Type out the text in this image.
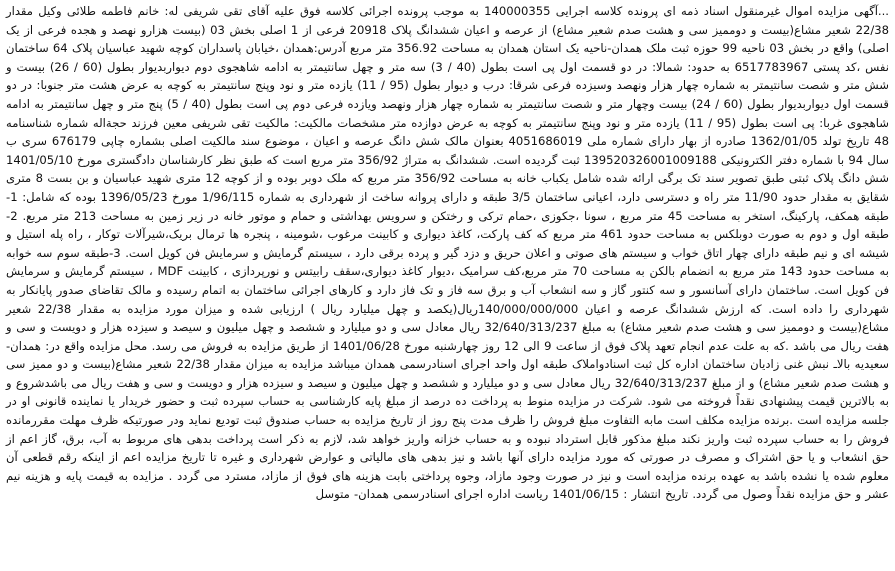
...آگهی مزایده اموال غیرمنقول اسناد ذمه ای پرونده کلاسه اجرایی 140000355 به موجب پرونده اجرائی کلاسه فوق علیه آقای تقی شریفی له: خانم فاطمه طلائی وکیل مقدار 22/38 شعیر مشاع(بیست و دوممیز سی و هشت صدم شعیر مشاع) از عرصه و اعیان ششدانگ پلاک 20918 فرعی از 1 اصلی بخش 03 (بیست هزارو نهصد و هجده فرعی از یک اصلی) واقع در بخش 03 ناحیه 99 حوزه ثبت ملک همدان-ناحیه یک استان همدان به مساحت 356.92 متر مربع آدرس:همدان ،خیابان پاسداران کوچه شهید عباسیان پلاک 64 ساختمان نفس ،کد پستی 6517783967 به حدود: شمالا: در دو قسمت اول پی است بطول (40 / 3) سه متر و چهل سانتیمتر به ادامه شاهجوی دوم دیواربدیوار بطول (60 / 26) بیست و شش متر و شصت سانتیمتر به شماره چهار هزار ونهصد وسیزده فرعی شرقا: درب و دیوار بطول (95 / 11) یازده متر و نود وپنج سانتیمتر به کوچه به عرض هشت متر جنوبا: در دو قسمت اول دیواربدیوار بطول (60 / 24) بیست وچهار متر و شصت سانتیمتر به شماره چهار هزار ونهصد ویازده فرعی دوم پی است بطول (40 / 5) پنج متر و چهل سانتیمتر به ادامه شاهجوی غربا: پی است بطول (95 / 11) یازده متر و نود وپنج سانتیمتر به کوچه به عرض دوازده متر مشخصات مالکیت: مالکیت تقی شریفی معین فرزند حجةاله شماره شناسنامه 48 تاریخ تولد 1362/01/05 صادره از بهار دارای شماره ملی 4051686019 بعنوان مالک شش دانگ عرصه و اعیان ، موضوع سند مالکیت اصلی بشماره چاپی 676179 سری ب سال 94 با شماره دفتر الکترونیکی 139520326001009188 ثبت گردیده است. ششدانگ به متراژ 356/92 متر مربع است که طبق نظر کارشناسان دادگستری مورخ 1401/05/10 شش دانگ پلاک ثبتی طبق تصویر سند تک برگی ارائه شده شامل یکباب خانه به مساحت 356/92 متر مربع که ملک دوبر بوده و از کوچه 12 متری شهید عباسیان و بن بست 8 متری شقایق به مقدار حدود 11/90 متر راه و دسترسی دارد، اعیانی ساختمان 3/5 طبقه و دارای پروانه ساخت از شهرداری به شماره 1/96/115 مورخ 1396/05/23 بوده که شامل: 1-طبقه همکف، پارکینگ، استخر به مساحت 45 متر مربع ، سونا ،جکوزی ،حمام ترکی و رختکن و سرویس بهداشتی و حمام و موتور خانه در زیر زمین به مساحت 213 متر مربع. 2- طبقه اول و دوم به صورت دوبلکس به مساحت حدود 461 متر مربع که کف پارکت، کاغذ دیواری و کابینت مرغوب ،شومینه ، پنجره ها ترمال بریک،شیرآلات توکار ، راه پله استیل و شیشه ای و نیم طبقه دارای چهار اتاق خواب و سیستم های صوتی و اعلان حریق و دزد گیر و پرده برقی دارد ، سیستم گرمایش و سرمایش فن کویل است. 3-طبقه سوم سه خوابه به مساحت حدود 143 متر مربع به انضمام بالکن به مساحت 70 متر مربع،کف سرامیک ،دیوار کاغذ دیواری،سقف رابیتس و نورپردازی ، کابینت MDF ، سیستم گرمایش و سرمایش فن کویل است. ساختمان دارای آسانسور و سه کنتور گاز و سه انشعاب آب و برق سه فاز و تک فاز دارد و کارهای اجرائی ساختمان به اتمام رسیده و مالک تقاضای صدور پایانکار به شهرداری را داده است. که ارزش ششدانگ عرصه و اعیان 140/000/000/000ریال(یکصد و چهل میلیارد ریال ) ارزیابی شده و میزان مورد مزایده به مقدار 22/38 شعیر مشاع(بیست و دوممیز سی و هشت صدم شعیر مشاع) به مبلغ 32/640/313/237 ریال معادل سی و دو میلیارد و ششصد و چهل میلیون و سیصد و سیزده هزار و دویست و سی و هفت ریال می باشد .که به علت عدم انجام تعهد پلاک فوق از ساعت 9 الی 12 روز چهارشنبه مورخ 1401/06/28 از طریق مزایده به فروش می رسد. محل مزایده واقع در: همدان-سعیدیه بالاـ نبش غنی زادیان ساختمان اداره کل ثبت اسنادواملاک طبقه اول واحد اجرای اسنادرسمی همدان میباشد مزایده به میزان مقدار 22/38 شعیر مشاع(بیست و دو ممیز سی و هشت صدم شعیر مشاع) و از مبلغ 32/640/313/237 ریال معادل سی و دو میلیارد و ششصد و چهل میلیون و سیصد و سیزده هزار و دویست و سی و هفت ریال می باشدشروع و به بالاترین قیمت پیشنهادی نقداً فروخته می شود. شرکت در مزایده منوط به پرداخت ده درصد از مبلغ پایه کارشناسی به حساب سپرده ثبت و حضور خریدار یا نماینده قانونی او در جلسه مزایده است .برنده مزایده مکلف است مابه التفاوت مبلغ فروش را ظرف مدت پنج روز از تاریخ مزایده به حساب صندوق ثبت تودیع نماید ودر صورتیکه ظرف مهلت مقررمانده فروش را به حساب سپرده ثبت واریز نکند مبلغ مذکور قابل استرداد نبوده و به حساب خزانه واریز خواهد شد، لازم به ذکر است پرداخت بدهی های مربوط به آب، برق، گاز اعم از حق انشعاب و یا حق اشتراک و مصرف در صورتی که مورد مزایده دارای آنها باشد و نیز بدهی های مالیاتی و عوارض شهرداری و غیره تا تاریخ مزایده اعم از اینکه رقم قطعی آن معلوم شده یا نشده باشد به عهده برنده مزایده است و نیز در صورت وجود مازاد، وجوه پرداختی بابت هزینه های فوق از مازاد، مسترد می گردد . مزایده به قیمت پایه و هزینه نیم عشر و حق مزایده نقداً وصول می گردد. تاریخ انتشار : 1401/06/15 ریاست اداره اجرای اسنادرسمی همدان- متوسل
